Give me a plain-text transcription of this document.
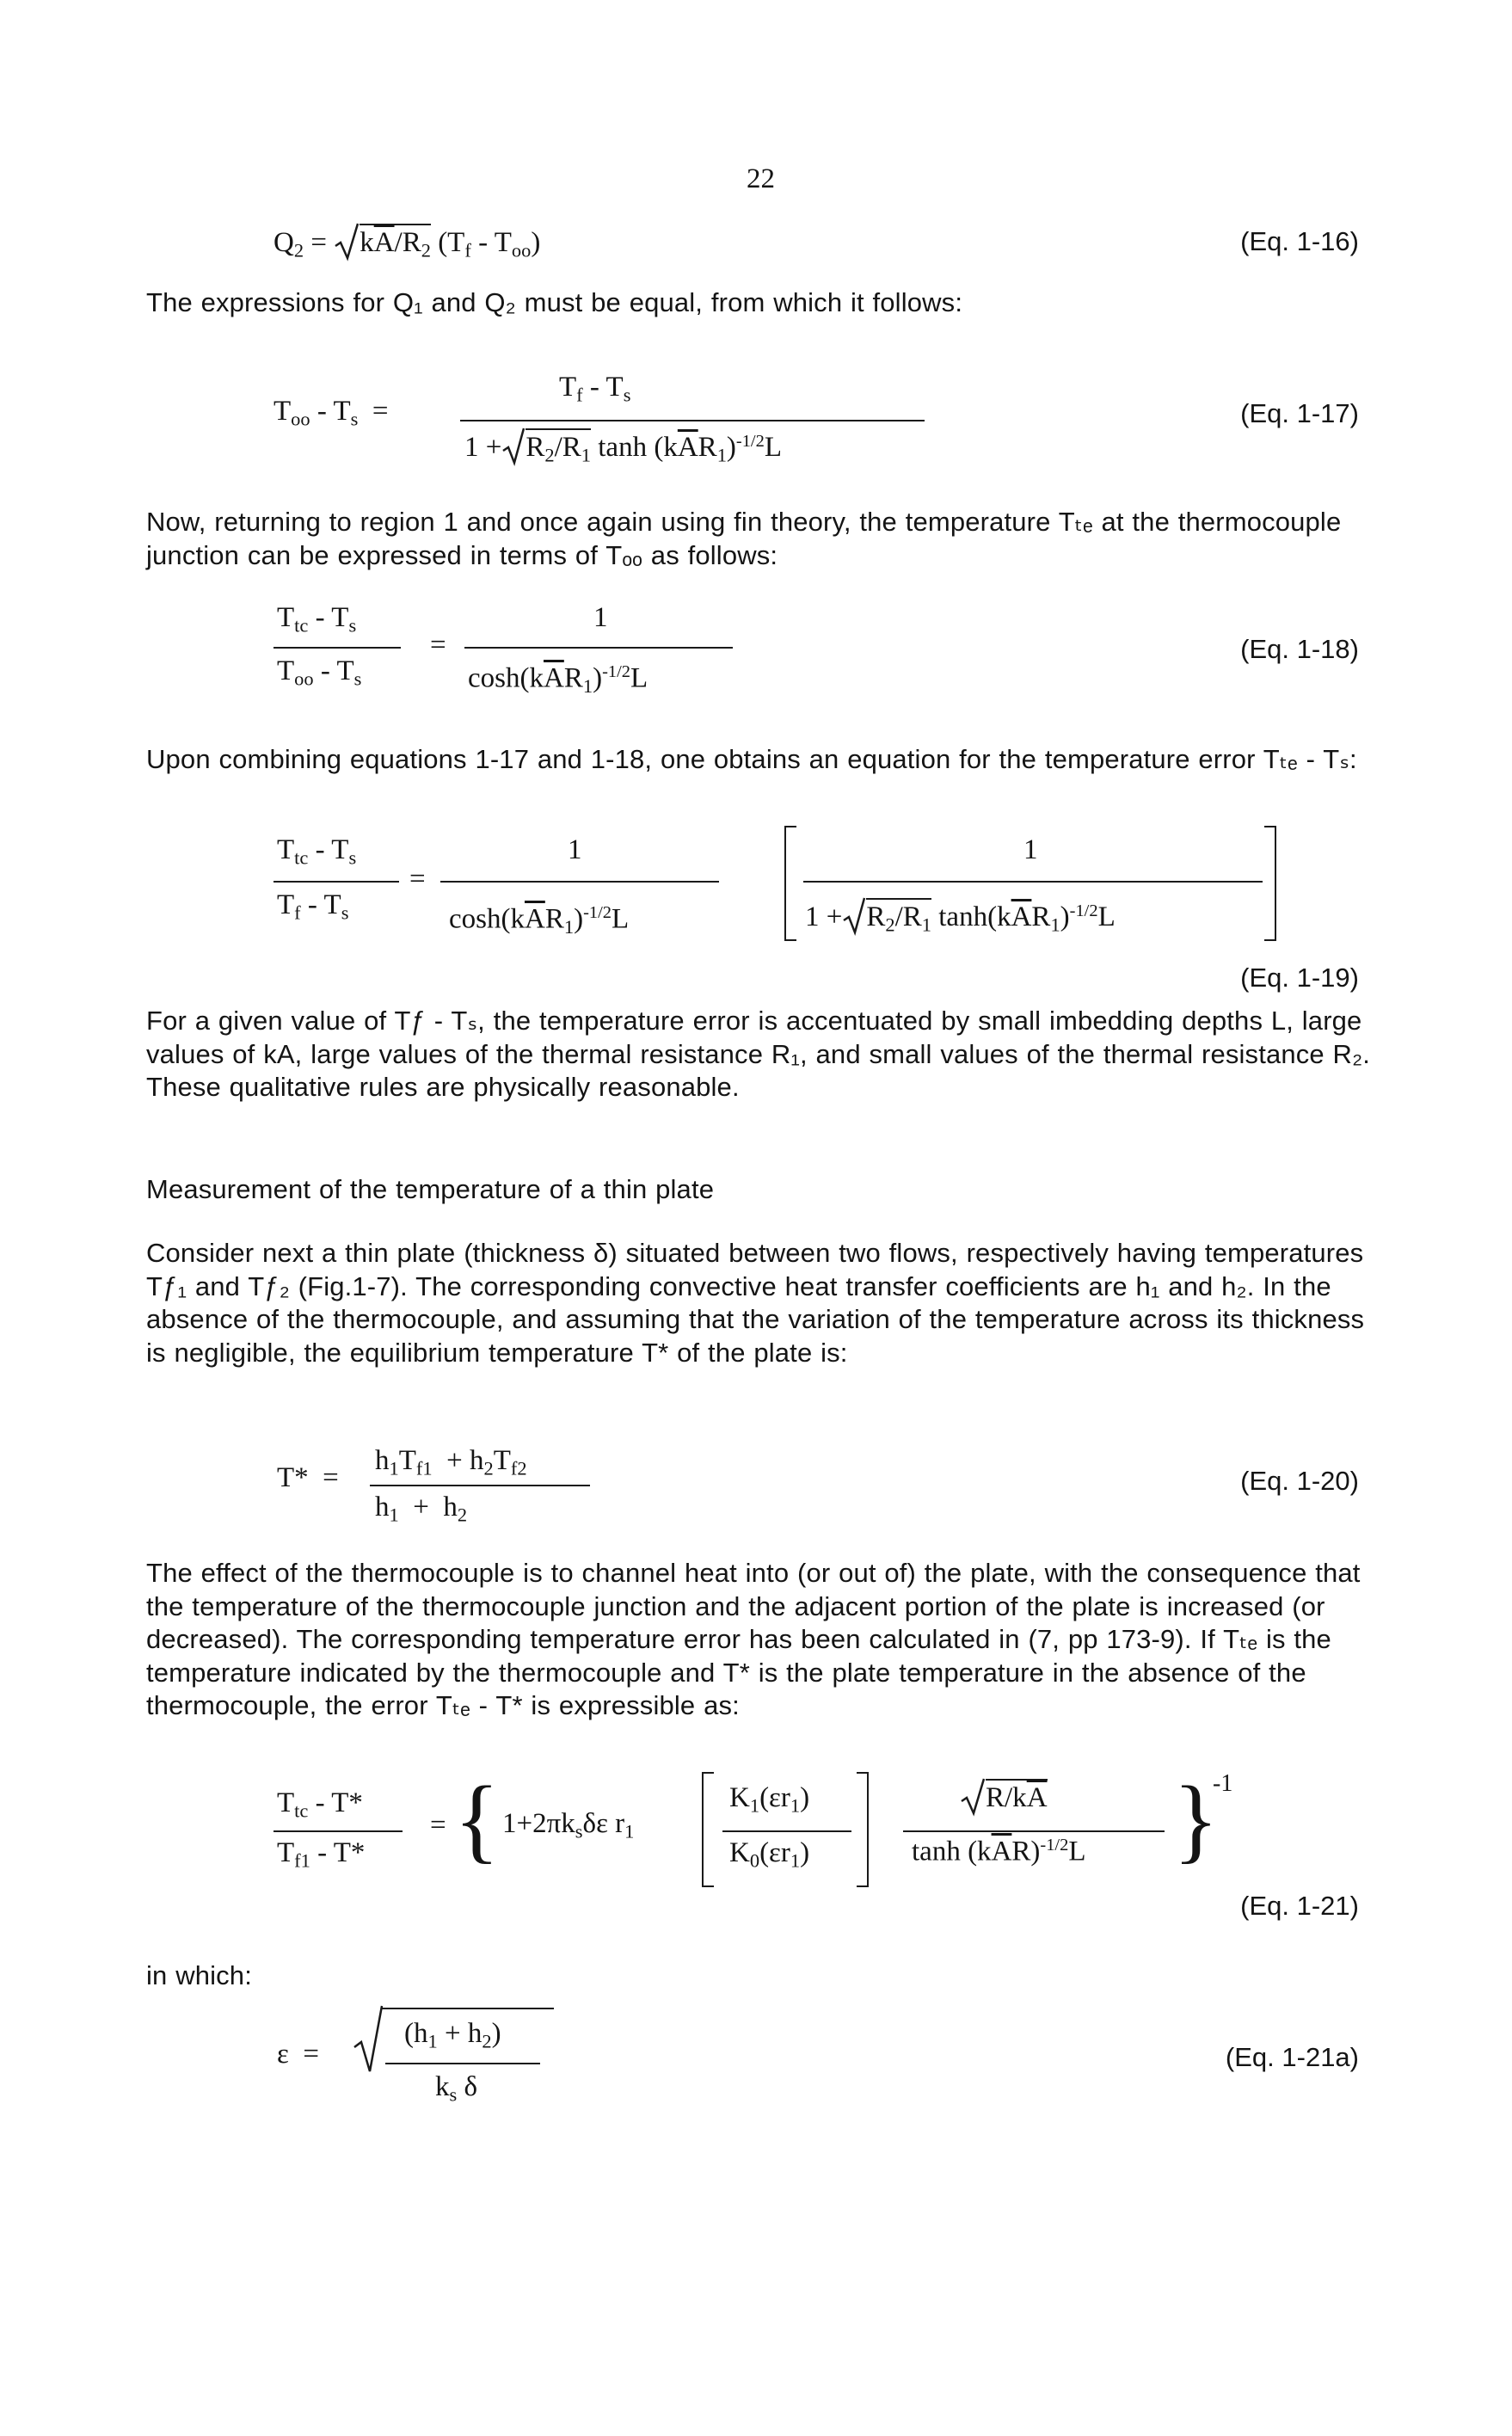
22
$Q_2 = k\overline{A}/R_2$ $(T_f - T_{oo})$	(Eq. 1-16)

The expressions for Q₁ and Q₂ must be equal, from which it follows:

$T_{oo} - T_s$  =
$T_f - T_s$
$1 + R_2/R_1$ $\tanh (k\overline{A}R_1)^{-1/2}L$
(Eq. 1-17)

Now, returning to region 1 and once again using fin theory, the temperature Tₜₑ at the thermocouple junction can be expressed in terms of Tₒₒ as follows:

$T_{tc} - T_s$
$T_{oo} - T_s$
=
1
$\cosh(k\overline{A}R_1)^{-1/2}L$
(Eq. 1-18)

Upon combining equations 1-17 and 1-18, one obtains an equation for the temperature error Tₜₑ - Tₛ:

$T_{tc} - T_s$
$T_f - T_s$
=
1
$\cosh(k\overline{A}R_1)^{-1/2}L$
1
$1 + R_2/R_1$ $\tanh(k\overline{A}R_1)^{-1/2}L$
(Eq. 1-19)

For a given value of Tƒ - Tₛ, the temperature error is accentuated by small imbedding depths L, large values of kA, large values of the thermal resistance R₁, and small values of the thermal resistance R₂. These qualitative rules are physically reasonable.

Measurement of the temperature of a thin plate

Consider next a thin plate (thickness δ) situated between two flows, respectively having temperatures Tƒ₁ and Tƒ₂ (Fig.1-7). The corresponding convective heat transfer coefficients are h₁ and h₂. In the absence of the thermocouple, and assuming that the variation of the temperature across its thickness is negligible, the equilibrium temperature T* of the plate is:

T*  =
$h_1T_{f1} + h_2T_{f2}$
$h_1 + h_2$
(Eq. 1-20)

The effect of the thermocouple is to channel heat into (or out of) the plate, with the consequence that the temperature of the thermocouple junction and the adjacent portion of the plate is increased (or decreased). The corresponding temperature error has been calculated in (7, pp 173-9). If Tₜₑ is the temperature indicated by the thermocouple and T* is the plate temperature in the absence of the thermocouple, the error Tₜₑ - T* is expressible as:

$T_{tc} - T*$
$T_{f1} - T*$
= { $1+2\pi k_s\delta\varepsilon$ $r_1$
$K_1(\varepsilon r_1)$
$K_0(\varepsilon r_1)$
$R/k\overline{A}$
$\tanh (k\overline{A}R)^{-1/2}L$ }
-1
(Eq. 1-21)

in which:

ε  =
$(h_1 + h_2)$
$k_s$ δ
(Eq. 1-21a)
